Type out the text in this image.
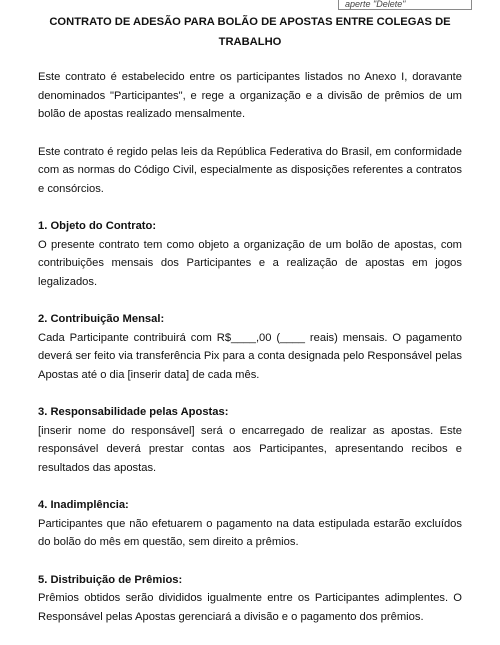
aperte "Delete"
CONTRATO DE ADESÃO PARA BOLÃO DE APOSTAS ENTRE COLEGAS DE TRABALHO

Este contrato é estabelecido entre os participantes listados no Anexo I, doravante denominados "Participantes", e rege a organização e a divisão de prêmios de um bolão de apostas realizado mensalmente.

Este contrato é regido pelas leis da República Federativa do Brasil, em conformidade com as normas do Código Civil, especialmente as disposições referentes a contratos e consórcios.

1. Objeto do Contrato:
O presente contrato tem como objeto a organização de um bolão de apostas, com contribuições mensais dos Participantes e a realização de apostas em jogos legalizados.

2. Contribuição Mensal:
Cada Participante contribuirá com R$____,00 (____ reais) mensais. O pagamento deverá ser feito via transferência Pix para a conta designada pelo Responsável pelas Apostas até o dia [inserir data] de cada mês.

3. Responsabilidade pelas Apostas:
[inserir nome do responsável] será o encarregado de realizar as apostas. Este responsável deverá prestar contas aos Participantes, apresentando recibos e resultados das apostas.

4. Inadimplência:
Participantes que não efetuarem o pagamento na data estipulada estarão excluídos do bolão do mês em questão, sem direito a prêmios.

5. Distribuição de Prêmios:
Prêmios obtidos serão divididos igualmente entre os Participantes adimplentes. O Responsável pelas Apostas gerenciará a divisão e o pagamento dos prêmios.
